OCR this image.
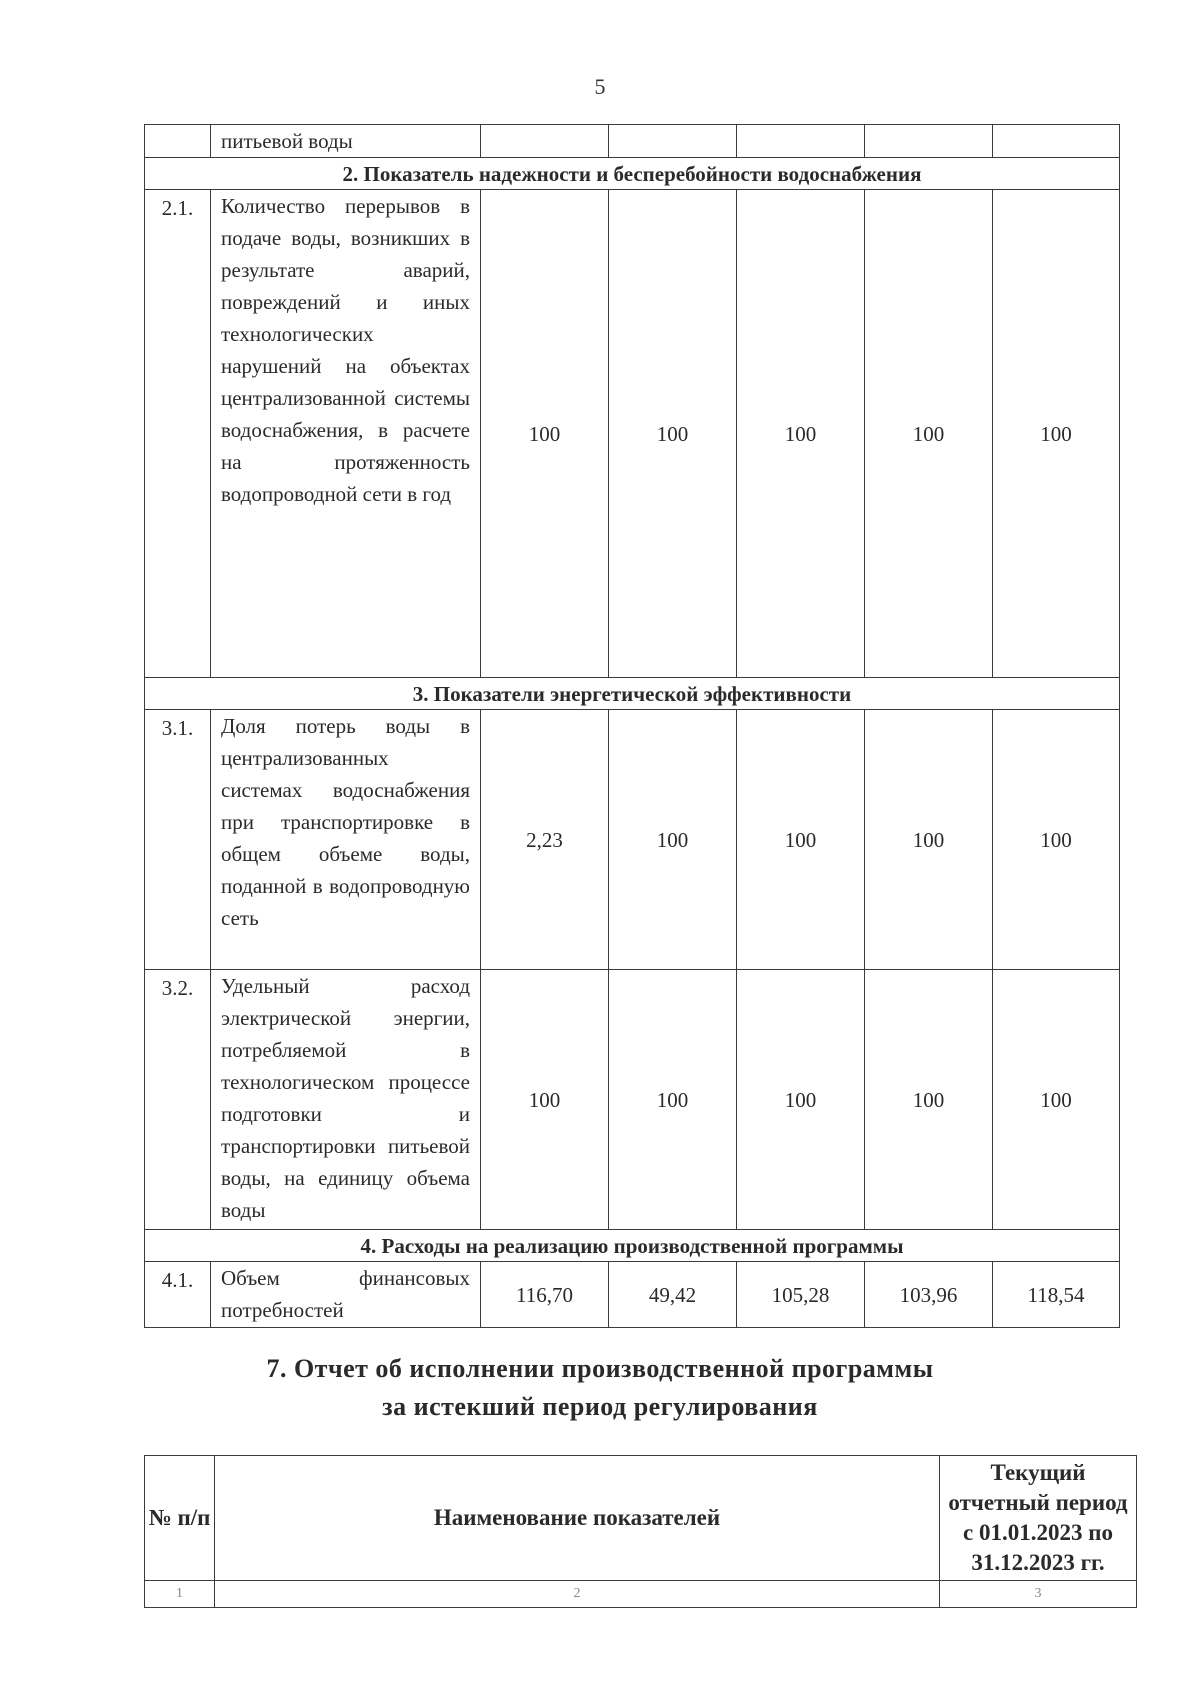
5
	питьевой воды					
2. Показатель надежности и бесперебойности водоснабжения						
2.1.	Количество перерывов в подаче воды, возникших в результате аварий, повреждений и иных технологических нарушений на объектах централизованной системы водоснабжения, в расчете на протяженность водопроводной сети в год	100	100	100	100	100
3. Показатели энергетической эффективности						
3.1.	Доля потерь воды в централизованных системах водоснабжения при транспортировке в общем объеме воды, поданной в водопроводную сеть	2,23	100	100	100	100
3.2.	Удельный расход электрической энергии, потребляемой в технологическом процессе подготовки и транспортировки питьевой воды, на единицу объема воды	100	100	100	100	100
4. Расходы на реализацию производственной программы						
4.1.	Объем финансовых потребностей	116,70	49,42	105,28	103,96	118,54
7. Отчет об исполнении производственной программы
за истекший период регулирования
№ п/п	Наименование показателей	Текущий отчетный период с 01.01.2023 по 31.12.2023 гг.
1	2	3
